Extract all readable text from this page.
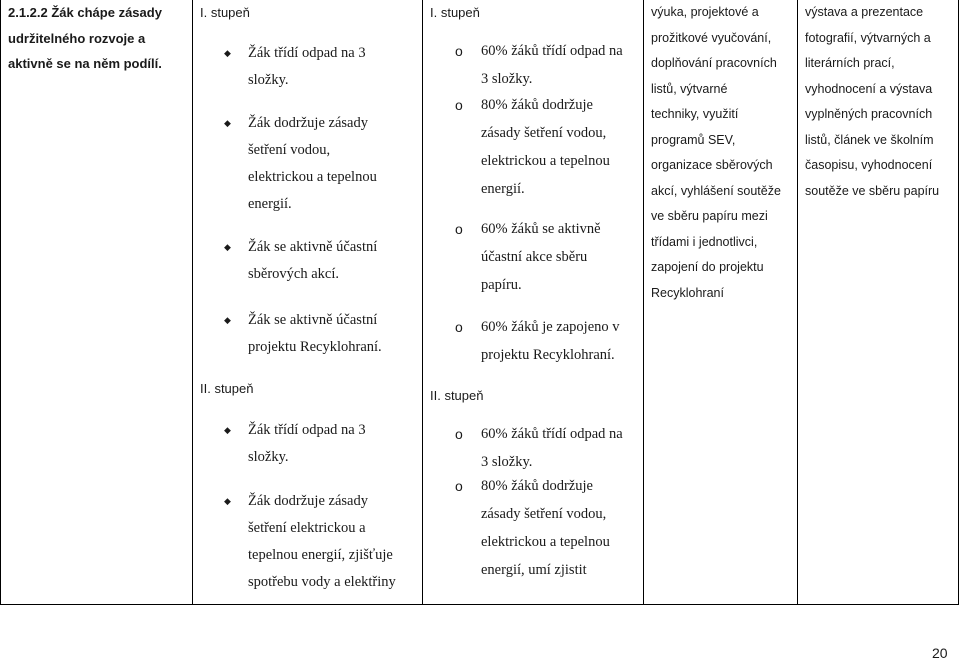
2.1.2.2 Žák chápe zásady
udržitelného rozvoje a
aktivně se na něm podílí.
I. stupeň
◆ Žák třídí odpad na 3
složky.
◆ Žák dodržuje zásady
šetření vodou,
elektrickou a tepelnou
energií.
◆ Žák se aktivně účastní
sběrových akcí.
◆ Žák se aktivně účastní
projektu Recyklohraní.
II. stupeň
◆ Žák třídí odpad na 3
složky.
◆ Žák dodržuje zásady
šetření elektrickou a
tepelnou energií, zjišťuje
spotřebu vody a elektřiny
I. stupeň
o 60% žáků třídí odpad na
3 složky.
o 80% žáků dodržuje
zásady šetření vodou,
elektrickou a tepelnou
energií.
o 60% žáků se aktivně
účastní akce sběru
papíru.
o 60% žáků je zapojeno v
projektu Recyklohraní.
II. stupeň
o 60% žáků třídí odpad na
3 složky.
o 80% žáků dodržuje
zásady šetření vodou,
elektrickou a tepelnou
energií, umí zjistit
výuka, projektové a
prožitkové vyučování,
doplňování pracovních
listů, výtvarné
techniky, využití
programů SEV,
organizace sběrových
akcí, vyhlášení soutěže
ve sběru papíru mezi
třídami i jednotlivci,
zapojení do projektu
Recyklohraní
výstava a prezentace
fotografií, výtvarných a
literárních prací,
vyhodnocení a výstava
vyplněných pracovních
listů, článek ve školním
časopisu, vyhodnocení
soutěže ve sběru papíru
20
